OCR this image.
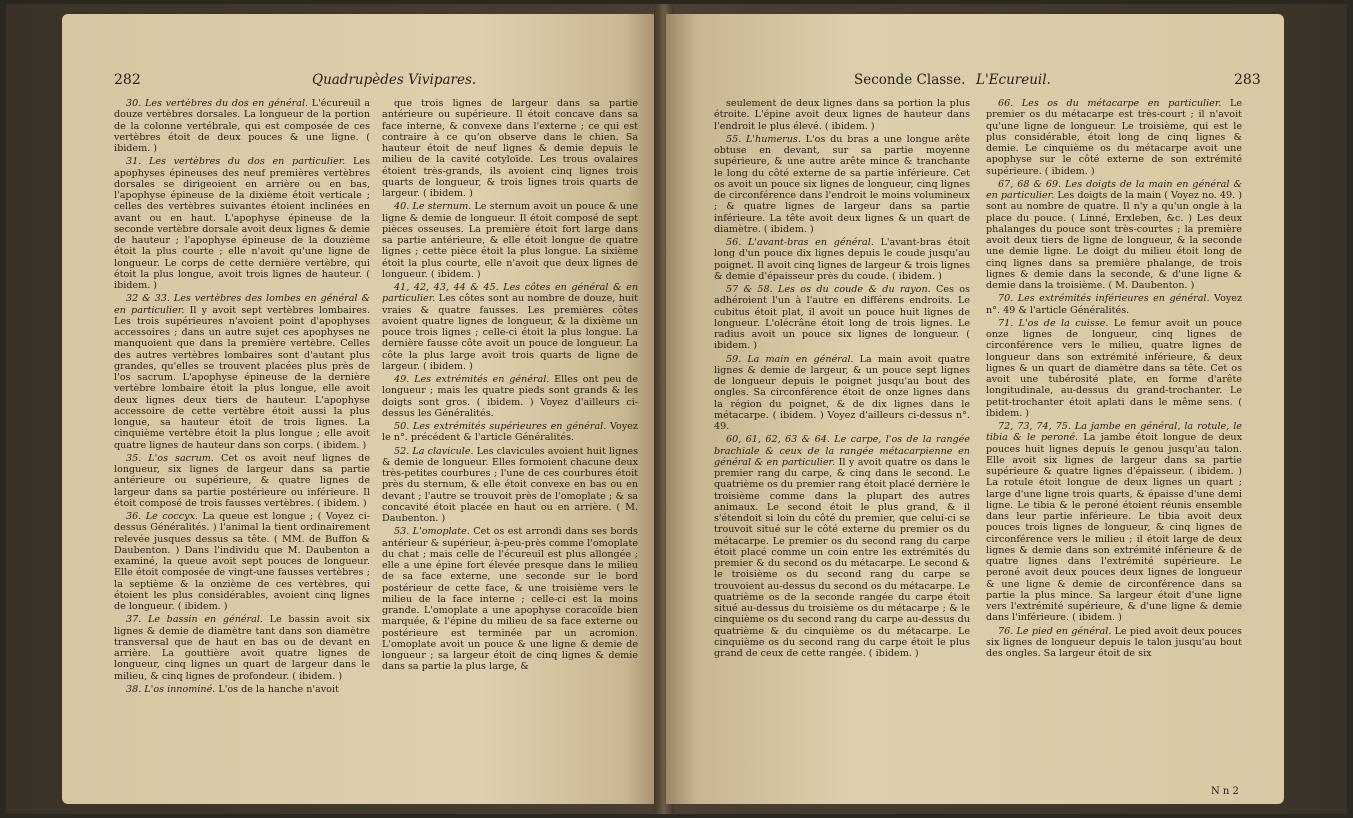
282	Quadrupèdes Vivipares.

30. Les vertèbres du dos en général. L'écureuil a douze vertèbres dorsales. La longueur de la portion de la colonne vertébrale, qui est composée de ces vertèbres étoit de deux pouces & une ligne. ( ibidem. )

31. Les vertèbres du dos en particulier. Les apophyses épineuses des neuf premières vertèbres dorsales se dirigeoient en arrière ou en bas, l'apophyse épineuse de la dixième étoit verticale ; celles des vertèbres suivantes étoient inclinées en avant ou en haut. L'apophyse épineuse de la seconde vertèbre dorsale avoit deux lignes & demie de hauteur ; l'apophyse épineuse de la douzième étoit la plus courte ; elle n'avoit qu'une ligne de longueur. Le corps de cette dernière vertèbre, qui étoit la plus longue, avoit trois lignes de hauteur. ( ibidem. )

32 & 33. Les vertèbres des lombes en général & en particulier. Il y avoit sept vertèbres lombaires. Les trois supérieures n'avoient point d'apophyses accessoires ; dans un autre sujet ces apophyses ne manquoient que dans la première vertèbre. Celles des autres vertèbres lombaires sont d'autant plus grandes, qu'elles se trouvent placées plus près de l'os sacrum. L'apophyse épineuse de la dernière vertèbre lombaire étoit la plus longue, elle avoit deux lignes deux tiers de hauteur. L'apophyse accessoire de cette vertèbre étoit aussi la plus longue, sa hauteur étoit de trois lignes. La cinquième vertèbre étoit la plus longue ; elle avoit quatre lignes de hauteur dans son corps. ( ibidem. )

35. L'os sacrum. Cet os avoit neuf lignes de longueur, six lignes de largeur dans sa partie antérieure ou supérieure, & quatre lignes de largeur dans sa partie postérieure ou inférieure. Il étoit composé de trois fausses vertèbres. ( ibidem. )

36. Le coccyx. La queue est longue ; ( Voyez ci-dessus Généralités. ) l'animal la tient ordinairement relevée jusques dessus sa tête. ( MM. de Buffon & Daubenton. ) Dans l'individu que M. Daubenton a examiné, la queue avoit sept pouces de longueur. Elle étoit composée de vingt-une fausses vertèbres ; la septième & la onzième de ces vertèbres, qui étoient les plus considérables, avoient cinq lignes de longueur. ( ibidem. )

37. Le bassin en général. Le bassin avoit six lignes & demie de diamètre tant dans son diamètre transversal que de haut en bas ou de devant en arrière. La gouttière avoit quatre lignes de longueur, cinq lignes un quart de largeur dans le milieu, & cinq lignes de profondeur. ( ibidem. )

38. L'os innominé. L'os de la hanche n'avoit

que trois lignes de largeur dans sa partie antérieure ou supérieure. Il étoit concave dans sa face interne, & convexe dans l'externe ; ce qui est contraire à ce qu'on observe dans le chien. Sa hauteur étoit de neuf lignes & demie depuis le milieu de la cavité cotyloïde. Les trous ovalaires étoient très-grands, ils avoient cinq lignes trois quarts de longueur, & trois lignes trois quarts de largeur. ( ibidem. )

40. Le sternum. Le sternum avoit un pouce & une ligne & demie de longueur. Il étoit composé de sept pièces osseuses. La première étoit fort large dans sa partie antérieure, & elle étoit longue de quatre lignes ; cette pièce étoit la plus longue. La sixième étoit la plus courte, elle n'avoit que deux lignes de longueur. ( ibidem. )

41, 42, 43, 44 & 45. Les côtes en général & en particulier. Les côtes sont au nombre de douze, huit vraies & quatre fausses. Les premières côtes avoient quatre lignes de longueur, & la dixième un pouce trois lignes ; celle-ci étoit la plus longue. La dernière fausse côte avoit un pouce de longueur. La côte la plus large avoit trois quarts de ligne de largeur. ( ibidem. )

49. Les extrémités en général. Elles ont peu de longueur ; mais les quatre pieds sont grands & les doigts sont gros. ( ibidem. ) Voyez d'ailleurs ci-dessus les Généralités.

50. Les extrémités supérieures en général. Voyez le n°. précédent & l'article Généralités.

52. La clavicule. Les clavicules avoient huit lignes & demie de longueur. Elles formoient chacune deux très-petites courbures ; l'une de ces courbures étoit près du sternum, & elle étoit convexe en bas ou en devant ; l'autre se trouvoit près de l'omoplate ; & sa concavité étoit placée en haut ou en arrière. ( M. Daubenton. )

53. L'omoplate. Cet os est arrondi dans ses bords antérieur & supérieur, à-peu-près comme l'omoplate du chat ; mais celle de l'écureuil est plus allongée ; elle a une épine fort élevée presque dans le milieu de sa face externe, une seconde sur le bord postérieur de cette face, & une troisième vers le milieu de la face interne ; celle-ci est la moins grande. L'omoplate a une apophyse coracoïde bien marquée, & l'épine du milieu de sa face externe ou postérieure est terminée par un acromion. L'omoplate avoit un pouce & une ligne & demie de longueur ; sa largeur étoit de cinq lignes & demie dans sa partie la plus large, &

Seconde Classe. L'Ecureuil.	283

seulement de deux lignes dans sa portion la plus étroite. L'épine avoit deux lignes de hauteur dans l'endroit le plus élevé. ( ibidem. )

55. L'humerus. L'os du bras a une longue arête obtuse en devant, sur sa partie moyenne supérieure, & une autre arête mince & tranchante le long du côté externe de sa partie inférieure. Cet os avoit un pouce six lignes de longueur, cinq lignes de circonférence dans l'endroit le moins volumineux ; & quatre lignes de largeur dans sa partie inférieure. La tête avoit deux lignes & un quart de diamètre. ( ibidem. )

56. L'avant-bras en général. L'avant-bras étoit long d'un pouce dix lignes depuis le coude jusqu'au poignet. Il avoit cinq lignes de largeur & trois lignes & demie d'épaisseur près du coude. ( ibidem. )

57 & 58. Les os du coude & du rayon. Ces os adhéroient l'un à l'autre en différens endroits. Le cubitus étoit plat, il avoit un pouce huit lignes de longueur. L'olécrâne étoit long de trois lignes. Le radius avoit un pouce six lignes de longueur. ( ibidem. )

59. La main en général. La main avoit quatre lignes & demie de largeur, & un pouce sept lignes de longueur depuis le poignet jusqu'au bout des ongles. Sa circonférence étoit de onze lignes dans la région du poignet, & de dix lignes dans le métacarpe. ( ibidem. ) Voyez d'ailleurs ci-dessus n°. 49.

60, 61, 62, 63 & 64. Le carpe, l'os de la rangée brachiale & ceux de la rangée métacarpienne en général & en particulier. Il y avoit quatre os dans le premier rang du carpe, & cinq dans le second. Le quatrième os du premier rang étoit placé derrière le troisième comme dans la plupart des autres animaux. Le second étoit le plus grand, & il s'étendoit si loin du côté du premier, que celui-ci se trouvoit situé sur le côté externe du premier os du métacarpe. Le premier os du second rang du carpe étoit placé comme un coin entre les extrémités du premier & du second os du métacarpe. Le second & le troisième os du second rang du carpe se trouvoient au-dessus du second os du métacarpe. Le quatrième os de la seconde rangée du carpe étoit situé au-dessus du troisième os du métacarpe ; & le cinquième os du second rang du carpe au-dessus du quatrième & du cinquième os du métacarpe. Le cinquième os du second rang du carpe étoit le plus grand de ceux de cette rangée. ( ibidem. )

66. Les os du métacarpe en particulier. Le premier os du métacarpe est très-court ; il n'avoit qu'une ligne de longueur. Le troisième, qui est le plus considérable, étoit long de cinq lignes & demie. Le cinquième os du métacarpe avoit une apophyse sur le côté externe de son extrémité supérieure. ( ibidem. )

67, 68 & 69. Les doigts de la main en général & en particulier. Les doigts de la main ( Voyez no. 49. ) sont au nombre de quatre. Il n'y a qu'un ongle à la place du pouce. ( Linné, Erxleben, &c. ) Les deux phalanges du pouce sont très-courtes ; la première avoit deux tiers de ligne de longueur, & la seconde une demie ligne. Le doigt du milieu étoit long de cinq lignes dans sa première phalange, de trois lignes & demie dans la seconde, & d'une ligne & demie dans la troisième. ( M. Daubenton. )

70. Les extrémités inférieures en général. Voyez n°. 49 & l'article Généralités.

71. L'os de la cuisse. Le femur avoit un pouce onze lignes de longueur, cinq lignes de circonférence vers le milieu, quatre lignes de longueur dans son extrémité inférieure, & deux lignes & un quart de diamètre dans sa tête. Cet os avoit une tubérosité plate, en forme d'arête longitudinale, au-dessus du grand-trochanter. Le petit-trochanter étoit aplati dans le même sens. ( ibidem. )

72, 73, 74, 75. La jambe en général, la rotule, le tibia & le peroné. La jambe étoit longue de deux pouces huit lignes depuis le genou jusqu'au talon. Elle avoit six lignes de largeur dans sa partie supérieure & quatre lignes d'épaisseur. ( ibidem. ) La rotule étoit longue de deux lignes un quart ; large d'une ligne trois quarts, & épaisse d'une demi ligne. Le tibia & le peroné étoient réunis ensemble dans leur partie inférieure. Le tibia avoit deux pouces trois lignes de longueur, & cinq lignes de circonférence vers le milieu ; il étoit large de deux lignes & demie dans son extrémité inférieure & de quatre lignes dans l'extrémité supérieure. Le peroné avoit deux pouces deux lignes de longueur & une ligne & demie de circonférence dans sa partie la plus mince. Sa largeur étoit d'une ligne vers l'extrémité supérieure, & d'une ligne & demie dans l'inférieure. ( ibidem. )

76. Le pied en général. Le pied avoit deux pouces six lignes de longueur depuis le talon jusqu'au bout des ongles. Sa largeur étoit de six

N n 2
